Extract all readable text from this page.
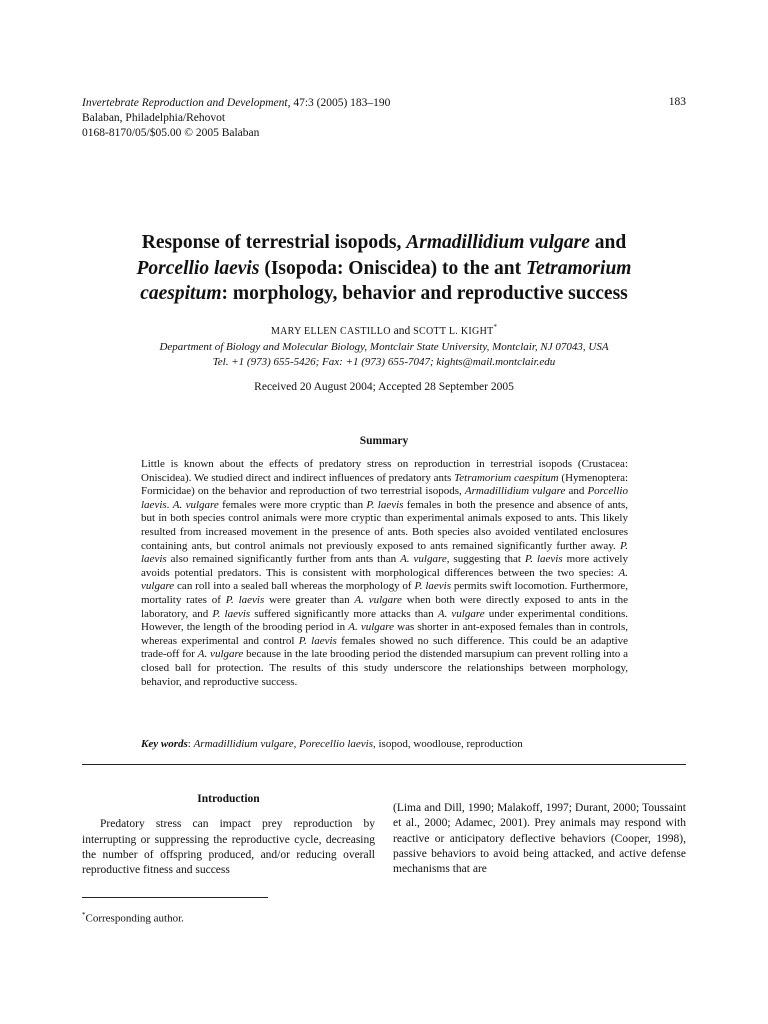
Invertebrate Reproduction and Development, 47:3 (2005) 183–190
Balaban, Philadelphia/Rehovot
0168-8170/05/$05.00 © 2005 Balaban
183
Response of terrestrial isopods, Armadillidium vulgare and
Porcellio laevis (Isopoda: Oniscidea) to the ant Tetramorium
caespitum: morphology, behavior and reproductive success
MARY ELLEN CASTILLO and SCOTT L. KIGHT*
Department of Biology and Molecular Biology, Montclair State University, Montclair, NJ 07043, USA
Tel. +1 (973) 655-5426; Fax: +1 (973) 655-7047; kights@mail.montclair.edu
Received 20 August 2004; Accepted 28 September 2005
Summary

Little is known about the effects of predatory stress on reproduction in terrestrial isopods (Crustacea: Oniscidea). We studied direct and indirect influences of predatory ants Tetramorium caespitum (Hymenoptera: Formicidae) on the behavior and reproduction of two terrestrial isopods, Armadillidium vulgare and Porcellio laevis. A. vulgare females were more cryptic than P. laevis females in both the presence and absence of ants, but in both species control animals were more cryptic than experimental animals exposed to ants. This likely resulted from increased movement in the presence of ants. Both species also avoided ventilated enclosures containing ants, but control animals not previously exposed to ants remained significantly further away. P. laevis also remained significantly further from ants than A. vulgare, suggesting that P. laevis more actively avoids potential predators. This is consistent with morphological differences between the two species: A. vulgare can roll into a sealed ball whereas the morphology of P. laevis permits swift locomotion. Furthermore, mortality rates of P. laevis were greater than A. vulgare when both were directly exposed to ants in the laboratory, and P. laevis suffered significantly more attacks than A. vulgare under experimental conditions. However, the length of the brooding period in A. vulgare was shorter in ant-exposed females than in controls, whereas experimental and control P. laevis females showed no such difference. This could be an adaptive trade-off for A. vulgare because in the late brooding period the distended marsupium can prevent rolling into a closed ball for protection. The results of this study underscore the relationships between morphology, behavior, and reproductive success.

Key words: Armadillidium vulgare, Porecellio laevis, isopod, woodlouse, reproduction
Introduction

Predatory stress can impact prey reproduction by interrupting or suppressing the reproductive cycle, decreasing the number of offspring produced, and/or reducing overall reproductive fitness and success

(Lima and Dill, 1990; Malakoff, 1997; Durant, 2000; Toussaint et al., 2000; Adamec, 2001). Prey animals may respond with reactive or anticipatory deflective behaviors (Cooper, 1998), passive behaviors to avoid being attacked, and active defense mechanisms that are

*Corresponding author.
